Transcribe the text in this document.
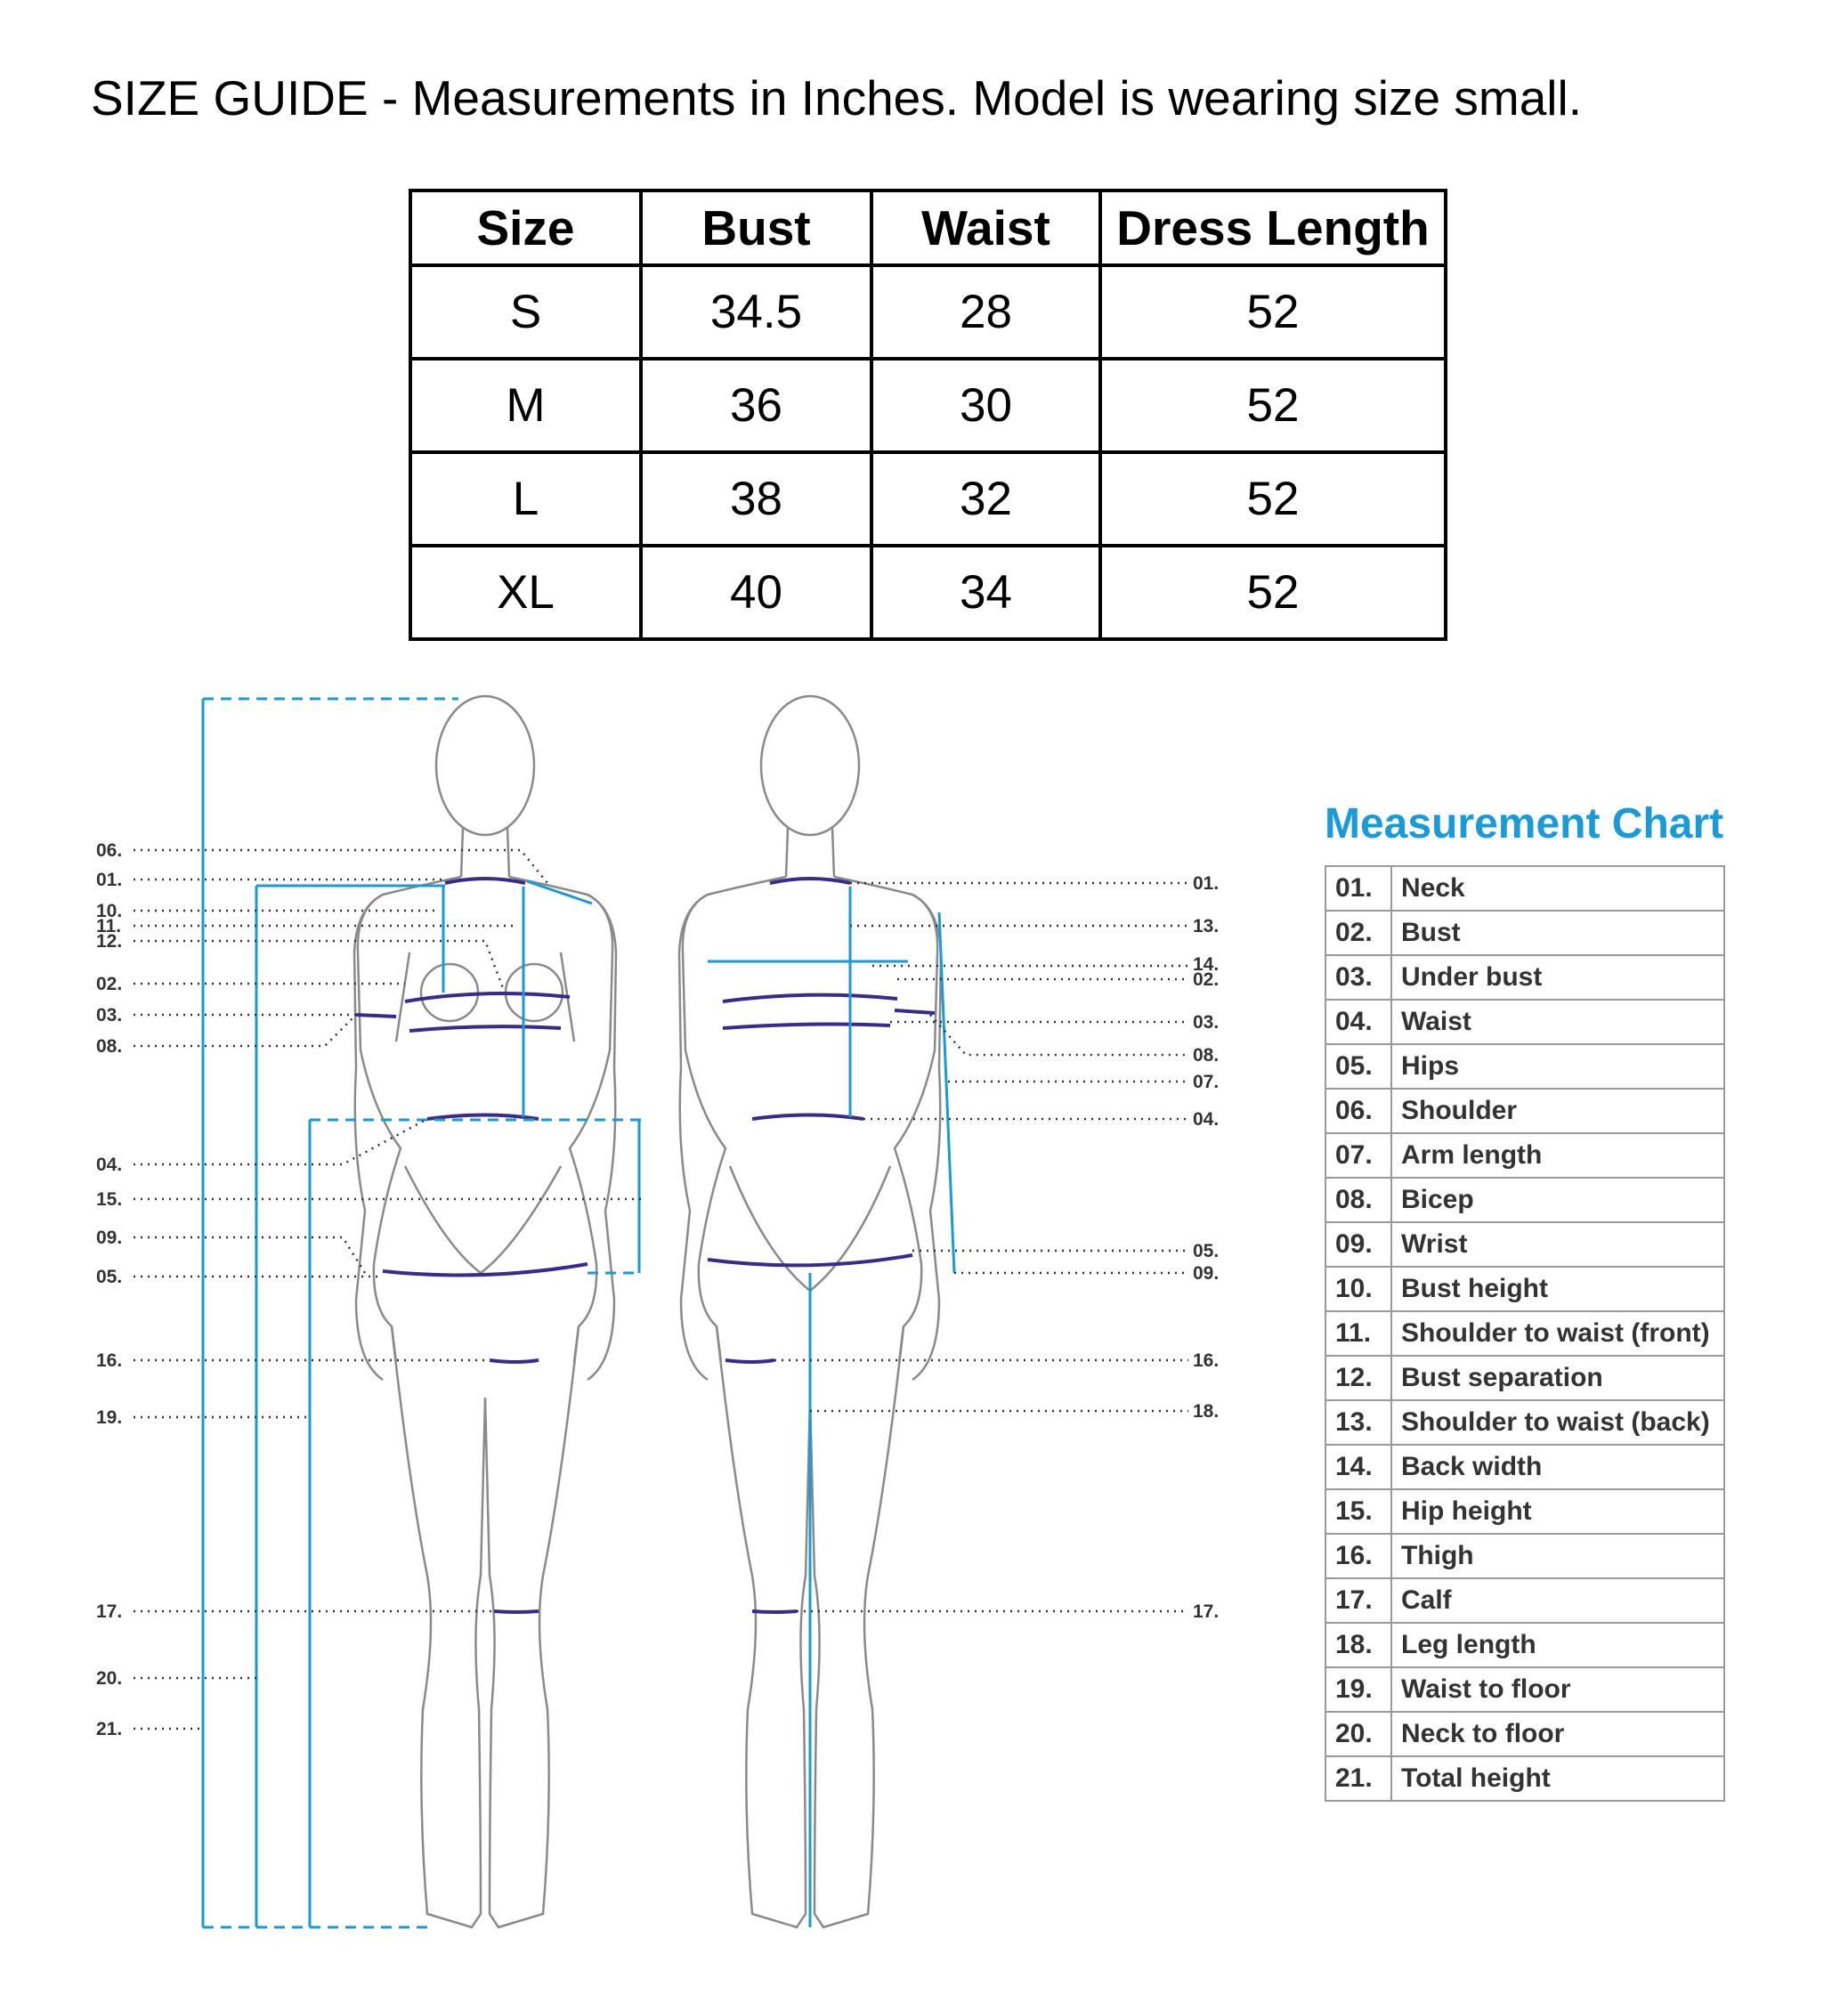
SIZE GUIDE - Measurements in Inches. Model is wearing size small.
Size	Bust	Waist	Dress Length
S	34.5	28	52
M	36	30	52
L	38	32	52
XL	40	34	52
06.
01.
10.
11.
12.
02.
03.
08.
04.
15.
09.
05.
16.
19.
17.
20.
21.
01.
13.
14.
02.
03.
08.
07.
04.
05.
09.
16.
18.
17.
Measurement Chart
01.	Neck
02.	Bust
03.	Under bust
04.	Waist
05.	Hips
06.	Shoulder
07.	Arm length
08.	Bicep
09.	Wrist
10.	Bust height
11.	Shoulder to waist (front)
12.	Bust separation
13.	Shoulder to waist (back)
14.	Back width
15.	Hip height
16.	Thigh
17.	Calf
18.	Leg length
19.	Waist to floor
20.	Neck to floor
21.	Total height
